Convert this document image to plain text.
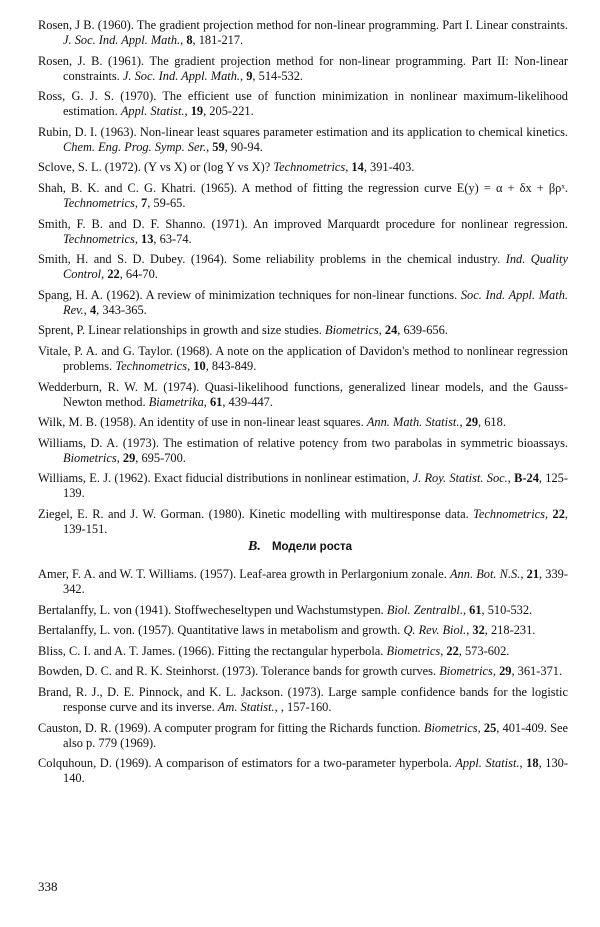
Rosen, J B. (1960). The gradient projection method for non-linear programming. Part I. Linear constraints. J. Soc. Ind. Appl. Math., 8, 181-217.
Rosen, J. B. (1961). The gradient projection method for non-linear programming. Part II: Non-linear constraints. J. Soc. Ind. Appl. Math., 9, 514-532.
Ross, G. J. S. (1970). The efficient use of function minimization in nonlinear maximum-likelihood estimation. Appl. Statist., 19, 205-221.
Rubin, D. I. (1963). Non-linear least squares parameter estimation and its application to chemical kinetics. Chem. Eng. Prog. Symp. Ser., 59, 90-94.
Sclove, S. L. (1972). (Y vs X) or (log Y vs X)? Technometrics, 14, 391-403.
Shah, B. K. and C. G. Khatri. (1965). A method of fitting the regression curve E(y) = α + δx + βρˣ. Technometrics, 7, 59-65.
Smith, F. B. and D. F. Shanno. (1971). An improved Marquardt procedure for nonlinear regression. Technometrics, 13, 63-74.
Smith, H. and S. D. Dubey. (1964). Some reliability problems in the chemical industry. Ind. Quality Control, 22, 64-70.
Spang, H. A. (1962). A review of minimization techniques for non-linear functions. Soc. Ind. Appl. Math. Rev., 4, 343-365.
Sprent, P. Linear relationships in growth and size studies. Biometrics, 24, 639-656.
Vitale, P. A. and G. Taylor. (1968). A note on the application of Davidon's method to nonlinear regression problems. Technometrics, 10, 843-849.
Wedderburn, R. W. M. (1974). Quasi-likelihood functions, generalized linear models, and the Gauss-Newton method. Biametrika, 61, 439-447.
Wilk, M. B. (1958). An identity of use in non-linear least squares. Ann. Math. Statist., 29, 618.
Williams, D. A. (1973). The estimation of relative potency from two parabolas in symmetric bioassays. Biometrics, 29, 695-700.
Williams, E. J. (1962). Exact fiducial distributions in nonlinear estimation, J. Roy. Statist. Soc., B-24, 125-139.
Ziegel, E. R. and J. W. Gorman. (1980). Kinetic modelling with multiresponse data. Technometrics, 22, 139-151.
B. Модели роста
Amer, F. A. and W. T. Williams. (1957). Leaf-area growth in Perlargonium zonale. Ann. Bot. N.S., 21, 339-342.
Bertalanffy, L. von (1941). Stoffwecheseltypen und Wachstumstypen. Biol. Zentralbl., 61, 510-532.
Bertalanffy, L. von. (1957). Quantitative laws in metabolism and growth. Q. Rev. Biol., 32, 218-231.
Bliss, C. I. and A. T. James. (1966). Fitting the rectangular hyperbola. Biometrics, 22, 573-602.
Bowden, D. C. and R. K. Steinhorst. (1973). Tolerance bands for growth curves. Biometrics, 29, 361-371.
Brand, R. J., D. E. Pinnock, and K. L. Jackson. (1973). Large sample confidence bands for the logistic response curve and its inverse. Am. Statist., , 157-160.
Causton, D. R. (1969). A computer program for fitting the Richards function. Biometrics, 25, 401-409. See also p. 779 (1969).
Colquhoun, D. (1969). A comparison of estimators for a two-parameter hyperbola. Appl. Statist., 18, 130-140.
338
